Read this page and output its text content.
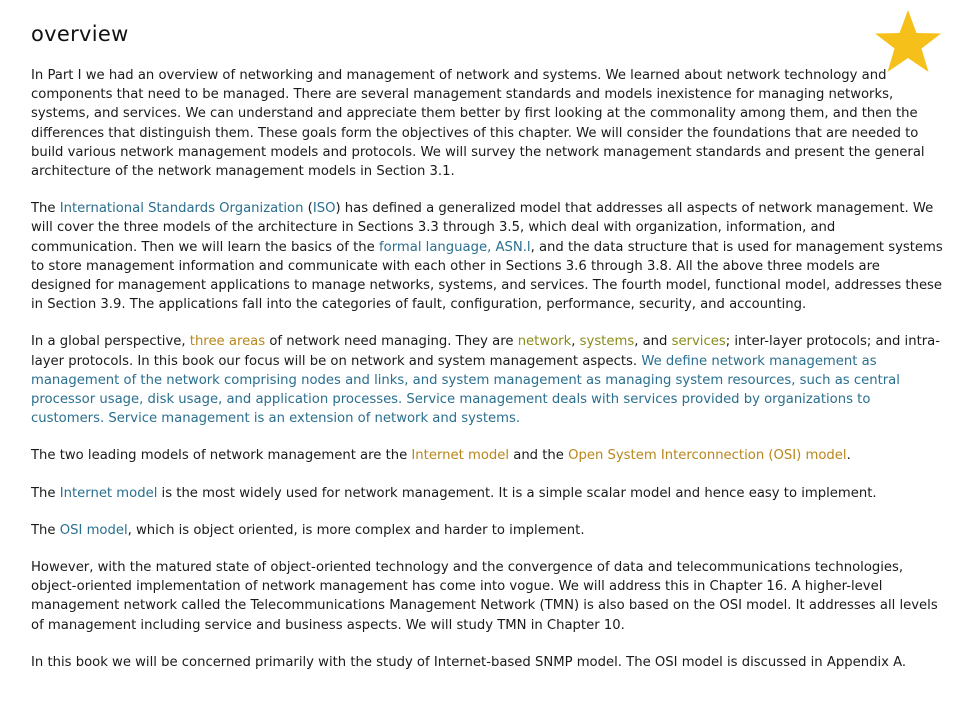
overview

In Part I we had an overview of networking and management of network and systems. We learned about network technology and components that need to be managed. There are several management standards and models inexistence for managing networks, systems, and services. We can understand and appreciate them better by first looking at the commonality among them, and then the differences that distinguish them. These goals form the objectives of this chapter. We will consider the foundations that are needed to build various network management models and protocols. We will survey the network management standards and present the general architecture of the network management models in Section 3.1.

The International Standards Organization (ISO) has defined a generalized model that addresses all aspects of network management. We will cover the three models of the architecture in Sections 3.3 through 3.5, which deal with organization, information, and communication. Then we will learn the basics of the formal language, ASN.l, and the data structure that is used for management systems to store management information and communicate with each other in Sections 3.6 through 3.8. All the above three models are designed for management applications to manage networks, systems, and services. The fourth model, functional model, addresses these in Section 3.9. The applications fall into the categories of fault, configuration, performance, security, and accounting.

In a global perspective, three areas of network need managing. They are network, systems, and services; inter-layer protocols; and intra-layer protocols. In this book our focus will be on network and system management aspects. We define network management as management of the network comprising nodes and links, and system management as managing system resources, such as central processor usage, disk usage, and application processes. Service management deals with services provided by organizations to customers. Service management is an extension of network and systems.

The two leading models of network management are the Internet model and the Open System Interconnection (OSI) model.

The Internet model is the most widely used for network management. It is a simple scalar model and hence easy to implement.

The OSI model, which is object oriented, is more complex and harder to implement.

However, with the matured state of object-oriented technology and the convergence of data and telecommunications technologies, object-oriented implementation of network management has come into vogue. We will address this in Chapter 16. A higher-level management network called the Telecommunications Management Network (TMN) is also based on the OSI model. It addresses all levels of management including service and business aspects. We will study TMN in Chapter 10.

In this book we will be concerned primarily with the study of Internet-based SNMP model. The OSI model is discussed in Appendix A.
